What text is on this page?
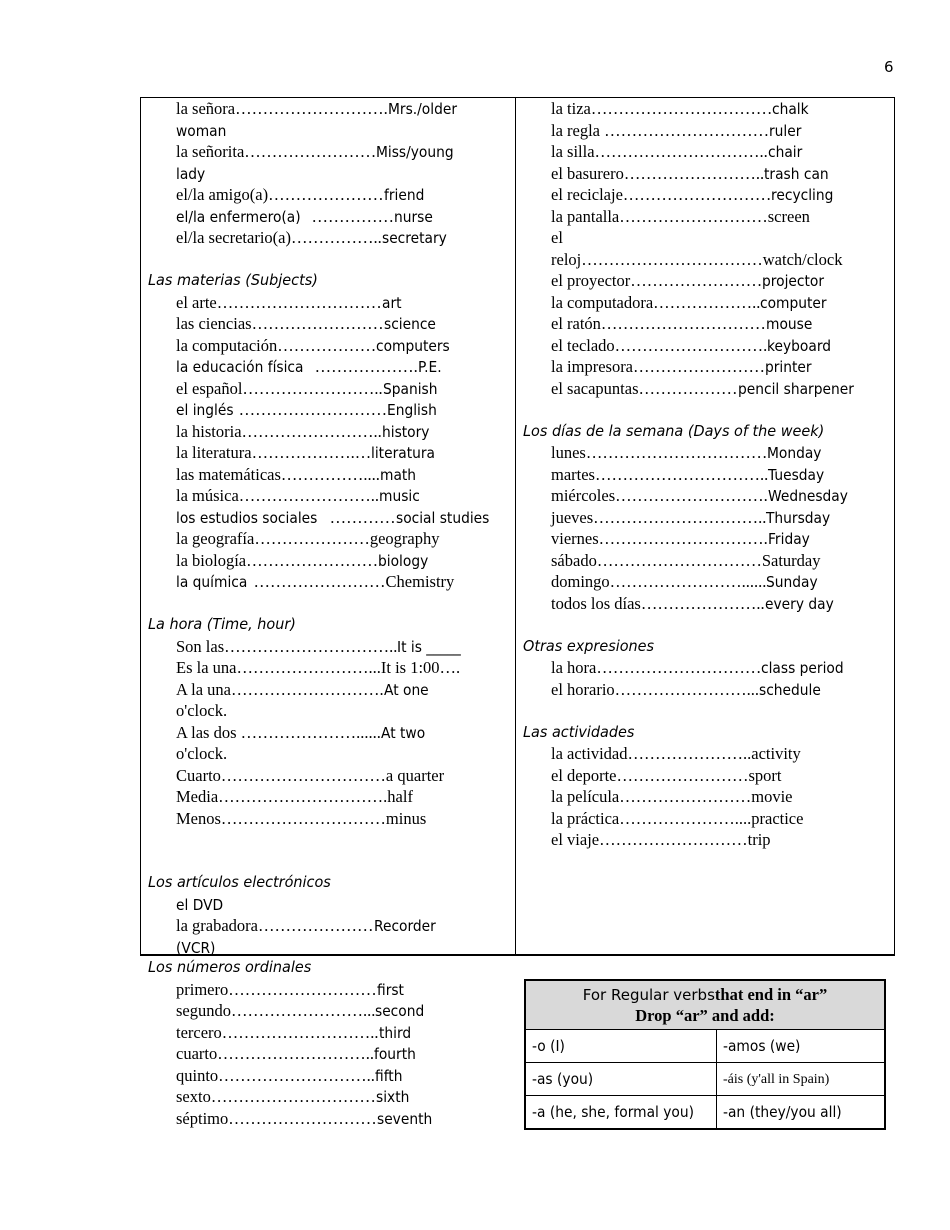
6
la señora……………………….Mrs./older
woman
la señorita……………………Miss/young
lady
el/la amigo(a)…………………friend
el/la enfermero(a) ……………nurse
el/la secretario(a)……………..secretary
Las materias (Subjects)
el arte…………………………art
las ciencias……………………science
la computación………………computers
la educación física ……………….P.E.
el español……………………..Spanish
el inglés ………………………English
la historia……………………..history
la literatura……………….…literatura
las matemáticas……………....math
la música……………………..music
los estudios sociales …………social studies
la geografía…………………geography
la biología……………………biology
la química ……………………Chemistry
La hora (Time, hour)
Son las…………………………..It is _____
Es la una……………………...It is 1:00….
A la una……………………….At one
o'clock.
A las dos …………………......At two
o'clock.
Cuarto…………………………a quarter
Media………………………….half
Menos…………………………minus
Los artículos electrónicos
el DVD
la grabadora…………………Recorder
(VCR)
la tiza……………………………chalk
la regla …………………………ruler
la silla…………………………..chair
el basurero……………………..trash can
el reciclaje………………………recycling
la pantalla………………………screen
el
reloj……………………………watch/clock
el proyector……………………projector
la computadora………………..computer
el ratón…………………………mouse
el teclado……………………….keyboard
la impresora……………………printer
el sacapuntas………………pencil sharpener
Los días de la semana (Days of the week)
lunes……………………………Monday
martes…………………………..Tuesday
miércoles……………………….Wednesday
jueves…………………………..Thursday
viernes………………………….Friday
sábado…………………………Saturday
domingo……………………......Sunday
todos los días…………………..every day
Otras expresiones
la hora…………………………class period
el horario……………………...schedule
Las actividades
la actividad…………………..activity
el deporte……………………sport
la película……………………movie
la práctica…………………....practice
el viaje………………………trip
Los números ordinales
primero………………………first
segundo……………………...second
tercero………………………..third
cuarto………………………..fourth
quinto………………………..fifth
sexto…………………………sixth
séptimo………………………seventh
For Regular verbsthat end in “ar”
Drop “ar” and add:	

-o (I)	-amos (we)
-as (you)	-áis (y'all in Spain)
-a (he, she, formal you)	-an (they/you all)
